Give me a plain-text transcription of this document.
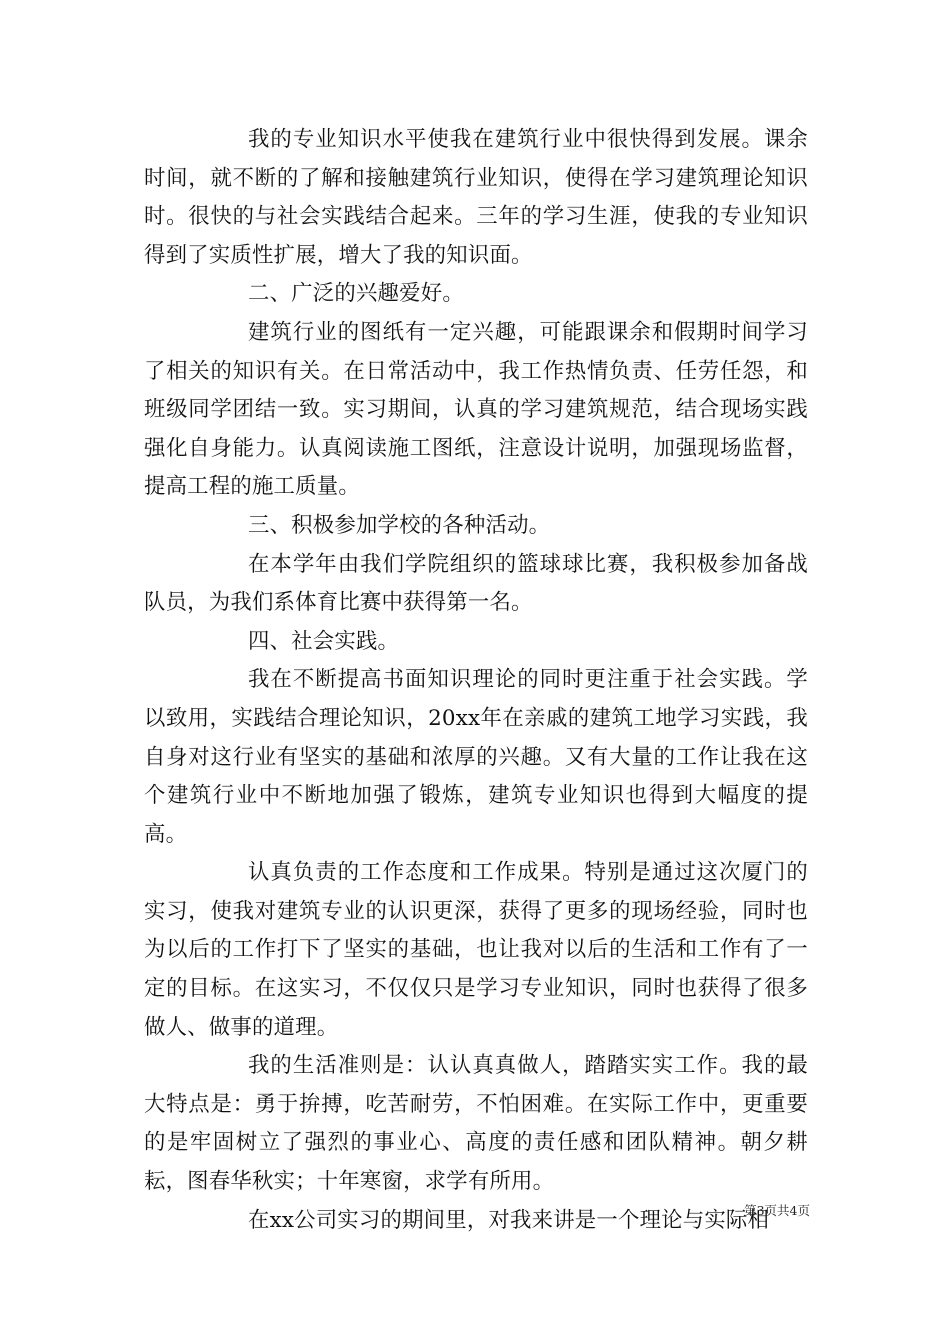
我的专业知识水平使我在建筑行业中很快得到发展。课余时间，就不断的了解和接触建筑行业知识，使得在学习建筑理论知识时。很快的与社会实践结合起来。三年的学习生涯，使我的专业知识得到了实质性扩展，增大了我的知识面。

二、广泛的兴趣爱好。

建筑行业的图纸有一定兴趣，可能跟课余和假期时间学习了相关的知识有关。在日常活动中，我工作热情负责、任劳任怨，和班级同学团结一致。实习期间，认真的学习建筑规范，结合现场实践强化自身能力。认真阅读施工图纸，注意设计说明，加强现场监督，提高工程的施工质量。

三、积极参加学校的各种活动。

在本学年由我们学院组织的篮球球比赛，我积极参加备战队员，为我们系体育比赛中获得第一名。

四、社会实践。

我在不断提高书面知识理论的同时更注重于社会实践。学以致用，实践结合理论知识，20xx年在亲戚的建筑工地学习实践，我自身对这行业有坚实的基础和浓厚的兴趣。又有大量的工作让我在这个建筑行业中不断地加强了锻炼，建筑专业知识也得到大幅度的提高。

认真负责的工作态度和工作成果。特别是通过这次厦门的实习，使我对建筑专业的认识更深，获得了更多的现场经验，同时也为以后的工作打下了坚实的基础，也让我对以后的生活和工作有了一定的目标。在这实习，不仅仅只是学习专业知识，同时也获得了很多做人、做事的道理。

我的生活准则是：认认真真做人，踏踏实实工作。我的最大特点是：勇于拚搏，吃苦耐劳，不怕困难。在实际工作中，更重要的是牢固树立了强烈的事业心、高度的责任感和团队精神。朝夕耕耘，图春华秋实；十年寒窗，求学有所用。

在xx公司实习的期间里，对我来讲是一个理论与实际相

第3页共4页
